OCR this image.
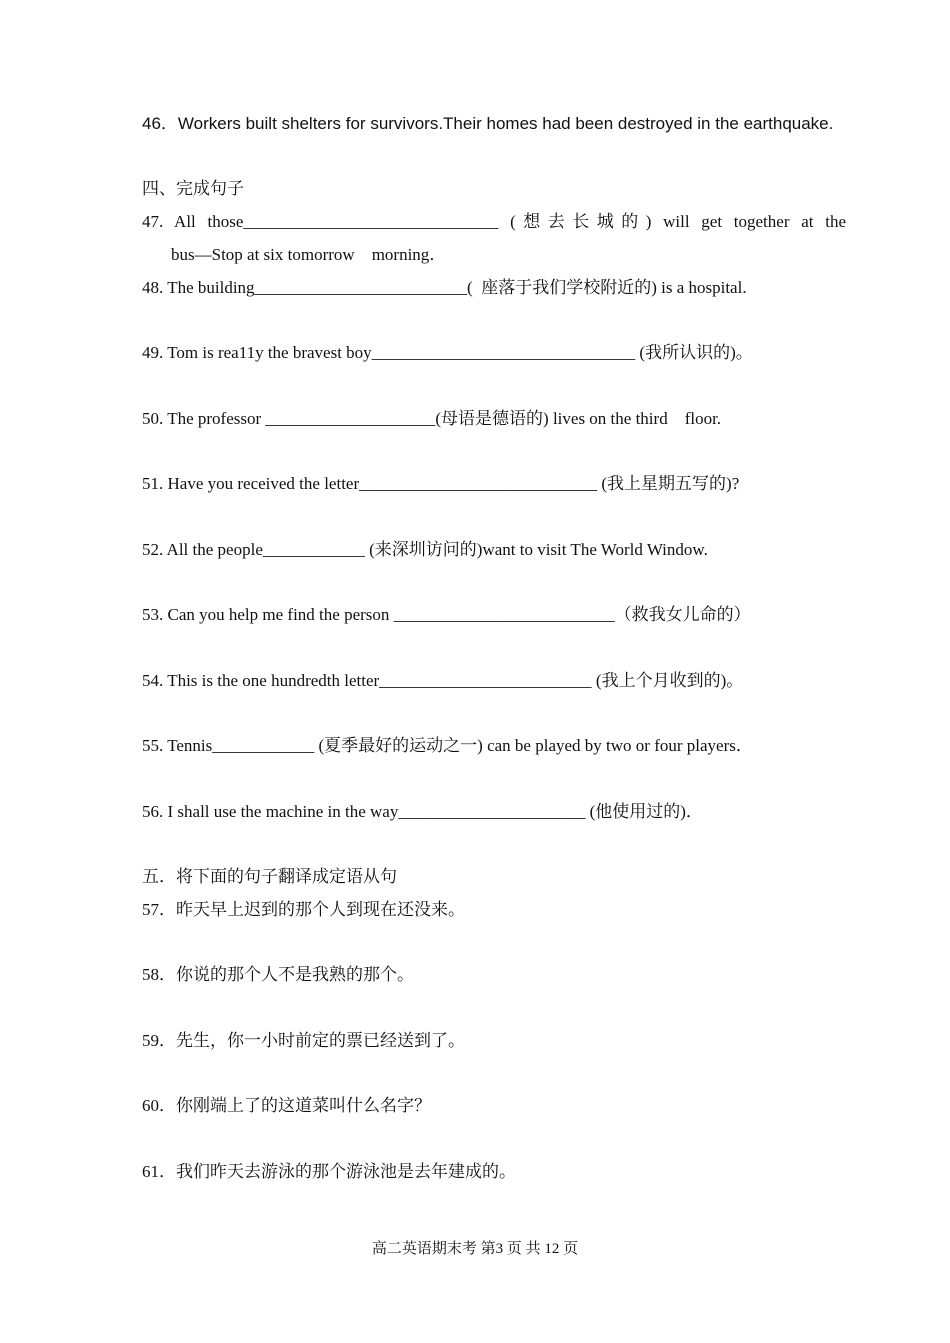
46．Workers built shelters for survivors.Their homes had been destroyed in the earthquake.
四、完成句子
47. All those______________________________ (想去长城的) will get together at the
bus—Stop at six tomorrow    morning．
48. The building_________________________(  座落于我们学校附近的) is a hospital.
49. Tom is rea11y the bravest boy_______________________________ (我所认识的)。
50. The professor ____________________(母语是德语的) lives on the third    floor.
51. Have you received the letter____________________________ (我上星期五写的)?
52. All the people____________ (来深圳访问的)want to visit The World Window.
53. Can you help me find the person __________________________（救我女儿命的）
54. This is the one hundredth letter_________________________ (我上个月收到的)。
55. Tennis____________ (夏季最好的运动之一) can be played by two or four players．
56. I shall use the machine in the way______________________ (他使用过的)．
五．将下面的句子翻译成定语从句
57．昨天早上迟到的那个人到现在还没来。
58．你说的那个人不是我熟的那个。
59．先生，你一小时前定的票已经送到了。
60．你刚端上了的这道菜叫什么名字？
61．我们昨天去游泳的那个游泳池是去年建成的。
高二英语期末考 第3 页 共 12 页
